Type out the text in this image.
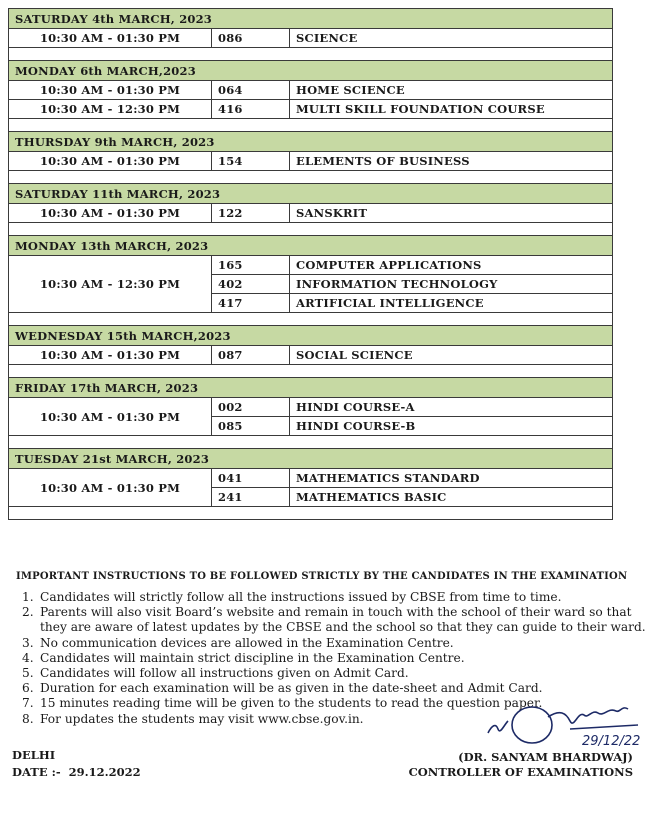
SATURDAY 4th MARCH, 2023		
10:30 AM - 01:30 PM	086	SCIENCE

MONDAY 6th MARCH,2023		
10:30 AM - 01:30 PM	064	HOME SCIENCE
10:30 AM - 12:30 PM	416	MULTI SKILL FOUNDATION COURSE

THURSDAY 9th MARCH, 2023		
10:30 AM - 01:30 PM	154	ELEMENTS OF BUSINESS

SATURDAY 11th MARCH, 2023		
10:30 AM - 01:30 PM	122	SANSKRIT

MONDAY 13th MARCH, 2023		
10:30 AM - 12:30 PM	165	COMPUTER APPLICATIONS
	402	INFORMATION TECHNOLOGY
	417	ARTIFICIAL INTELLIGENCE

WEDNESDAY 15th MARCH,2023		
10:30 AM - 01:30 PM	087	SOCIAL SCIENCE

FRIDAY 17th MARCH, 2023		
10:30 AM - 01:30 PM	002	HINDI COURSE-A
	085	HINDI COURSE-B

TUESDAY 21st MARCH, 2023		
10:30 AM - 01:30 PM	041	MATHEMATICS STANDARD
	241	MATHEMATICS BASIC

IMPORTANT INSTRUCTIONS TO BE FOLLOWED STRICTLY BY THE CANDIDATES IN THE EXAMINATION
1. Candidates will strictly follow all the instructions issued by CBSE from time to time.
2. Parents will also visit Board’s website and remain in touch with the school of their ward so that they are aware of latest updates by the CBSE and the school so that they can guide to their ward.
3. No communication devices are allowed in the Examination Centre.
4. Candidates will maintain strict discipline in the Examination Centre.
5. Candidates will follow all instructions given on Admit Card.
6. Duration for each examination will be as given in the date-sheet and Admit Card.
7. 15 minutes reading time will be given to the students to read the question paper.
8. For updates the students may visit www.cbse.gov.in.
DELHI
DATE :-  29.12.2022
29/12/22
(DR. SANYAM BHARDWAJ)
CONTROLLER OF EXAMINATIONS
